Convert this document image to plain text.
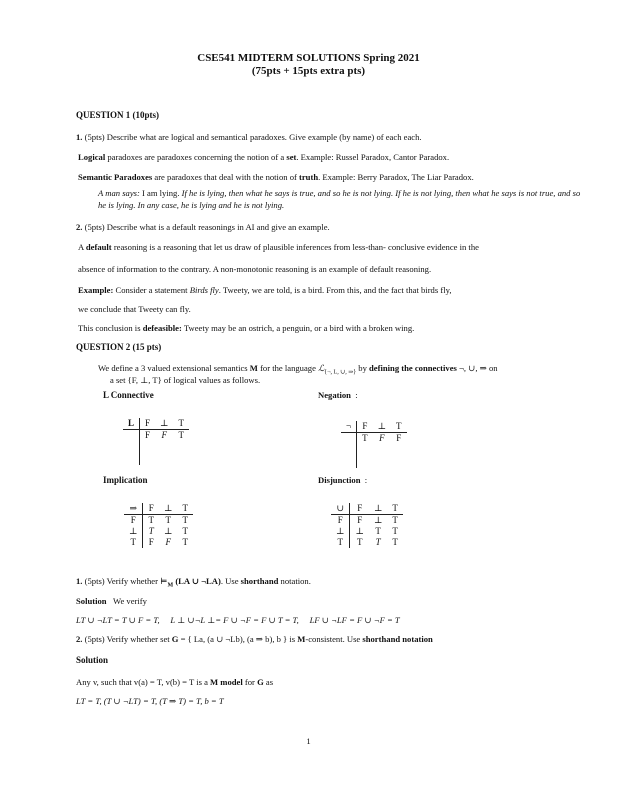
CSE541 MIDTERM SOLUTIONS Spring 2021
(75pts + 15pts extra pts)
QUESTION 1 (10pts)
1. (5pts) Describe what are logical and semantical paradoxes. Give example (by name) of each each.
Logical paradoxes are paradoxes concerning the notion of a set. Example: Russel Paradox, Cantor Paradox.
Semantic Paradoxes are paradoxes that deal with the notion of truth. Example: Berry Paradox, The Liar Paradox.
A man says: I am lying. If he is lying, then what he says is true, and so he is not lying. If he is not lying, then what he says is not true, and so he is lying. In any case, he is lying and he is not lying.
2. (5pts) Describe what is a default reasonings in AI and give an example.
A default reasoning is a reasoning that let us draw of plausible inferences from less-than- conclusive evidence in the
absence of information to the contrary. A non-monotonic reasoning is an example of default reasoning.
Example: Consider a statement Birds fly. Tweety, we are told, is a bird. From this, and the fact that birds fly,
we conclude that Tweety can fly.
This conclusion is defeasible: Tweety may be an ostrich, a penguin, or a bird with a broken wing.
QUESTION 2 (15 pts)
We define a 3 valued extensional semantics M for the language ℒ$_{\{\neg, L, \cup, \Rightarrow\}}$ by defining the connectives ¬, ∪, ⇒ on
a set {F, ⊥, T} of logical values as follows.
L Connective	Negation :
L	F	⊥	T
	F	F	T

¬	F	⊥	T
	T	F	F

Implication	Disjunction :
⇒	F	⊥	T
F	T	T	T
⊥	T	⊥	T
T	F	F	T
∪	F	⊥	T
F	F	⊥	T
⊥	⊥	T	T
T	T	T	T
1. (5pts) Verify whether $⊨_M$ (LA ∪ ¬LA). Use shorthand notation.
Solution We verify
LT ∪ ¬LT = T ∪ F = T, L ⊥ ∪¬L ⊥= F ∪ ¬F = F ∪ T = T, LF ∪ ¬LF = F ∪ ¬F = T
2. (5pts) Verify whether set G = { La, (a ∪ ¬Lb), (a ⇒ b), b } is M-consistent. Use shorthand notation
Solution
Any v, such that v(a) = T, v(b) = T is a M model for G as
LT = T, (T ∪ ¬LT) = T, (T ⇒ T) = T, b = T
1
